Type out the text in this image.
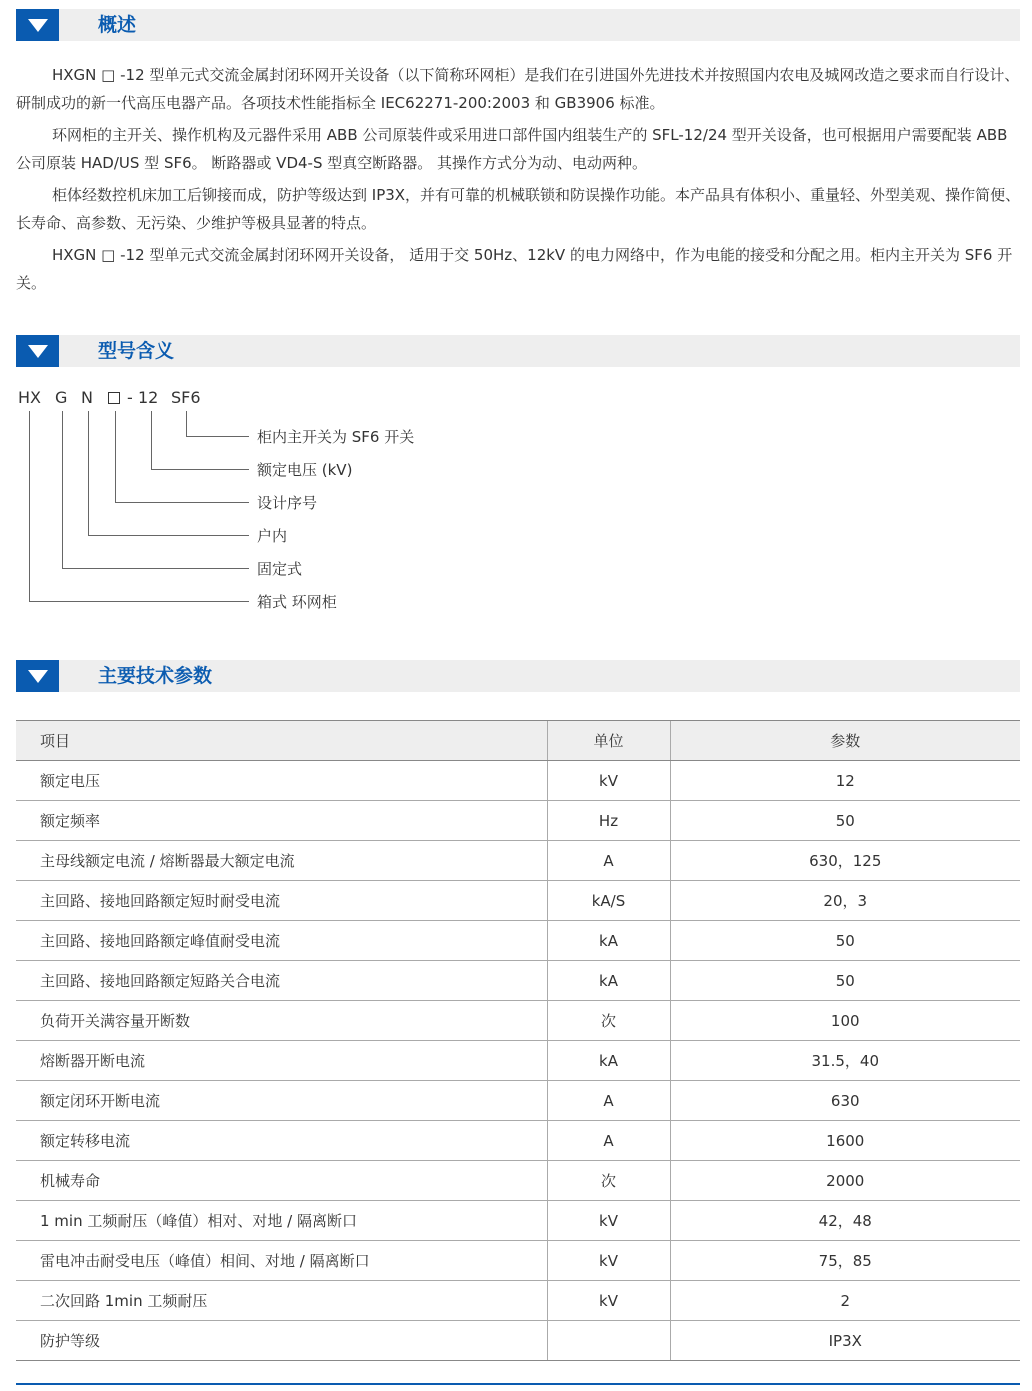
概述

HXGN □ -12 型单元式交流金属封闭环网开关设备（以下简称环网柜）是我们在引进国外先进技术并按照国内农电及城网改造之要求而自行设计、研制成功的新一代高压电器产品。各项技术性能指标全 IEC62271-200:2003 和 GB3906 标准。

环网柜的主开关、操作机构及元器件采用 ABB 公司原装件或采用进口部件国内组装生产的 SFL-12/24 型开关设备，也可根据用户需要配装 ABB 公司原装 HAD/US 型 SF6。 断路器或 VD4-S 型真空断路器。 其操作方式分为动、电动两种。

柜体经数控机床加工后铆接而成，防护等级达到 IP3X，并有可靠的机械联锁和防误操作功能。本产品具有体积小、重量轻、外型美观、操作简便、长寿命、高参数、无污染、少维护等极具显著的特点。

HXGN □ -12 型单元式交流金属封闭环网开关设备， 适用于交 50Hz、12kV 的电力网络中，作为电能的接受和分配之用。柜内主开关为 SF6 开关。

型号含义
HX G N - 12 SF6
柜内主开关为 SF6 开关
额定电压 (kV)
设计序号
户内
固定式
箱式 环网柜
主要技术参数
项目	单位	参数
额定电压	kV	12
额定频率	Hz	50
主母线额定电流 / 熔断器最大额定电流	A	630，125
主回路、接地回路额定短时耐受电流	kA/S	20，3
主回路、接地回路额定峰值耐受电流	kA	50
主回路、接地回路额定短路关合电流	kA	50
负荷开关满容量开断数	次	100
熔断器开断电流	kA	31.5，40
额定闭环开断电流	A	630
额定转移电流	A	1600
机械寿命	次	2000
1 min 工频耐压（峰值）相对、对地 / 隔离断口	kV	42，48
雷电冲击耐受电压（峰值）相间、对地 / 隔离断口	kV	75，85
二次回路 1min 工频耐压	kV	2
防护等级		IP3X
